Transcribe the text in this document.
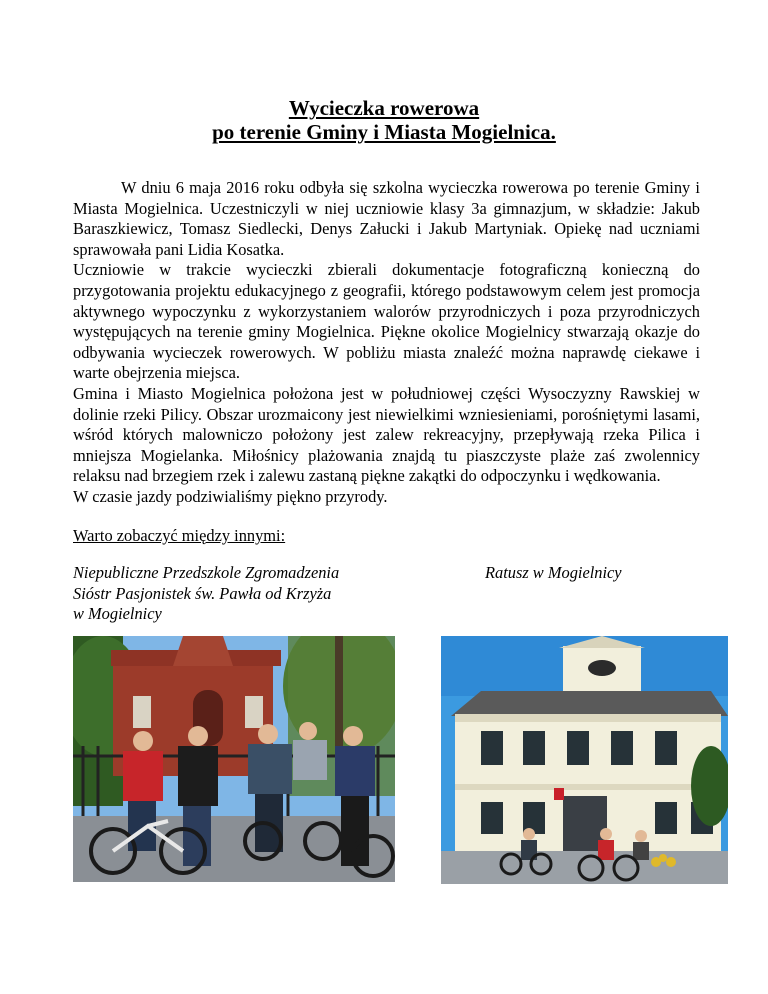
Wycieczka rowerowa
po terenie Gminy i Miasta Mogielnica.

W dniu 6 maja 2016 roku odbyła się szkolna wycieczka rowerowa po terenie Gminy i Miasta Mogielnica. Uczestniczyli w niej uczniowie klasy 3a gimnazjum, w składzie: Jakub Baraszkiewicz, Tomasz Siedlecki, Denys Załucki i Jakub Martyniak. Opiekę nad uczniami sprawowała pani Lidia Kosatka.

Uczniowie w trakcie wycieczki zbierali dokumentacje fotograficzną konieczną do przygotowania projektu edukacyjnego z geografii, którego podstawowym celem jest promocja aktywnego wypoczynku z wykorzystaniem walorów przyrodniczych i poza przyrodniczych występujących na terenie gminy Mogielnica. Piękne okolice Mogielnicy stwarzają okazje do odbywania wycieczek rowerowych. W pobliżu miasta znaleźć można naprawdę ciekawe i warte obejrzenia miejsca.

Gmina i Miasto Mogielnica położona jest w południowej części Wysoczyzny Rawskiej w dolinie rzeki Pilicy. Obszar urozmaicony jest niewielkimi wzniesieniami, porośniętymi lasami, wśród których malowniczo położony jest zalew rekreacyjny, przepływają rzeka Pilica i mniejsza Mogielanka. Miłośnicy plażowania znajdą tu piaszczyste plaże zaś zwolennicy relaksu nad brzegiem rzek i zalewu zastaną piękne zakątki do odpoczynku i wędkowania.

W czasie jazdy podziwialiśmy piękno przyrody.

Warto zobaczyć między innymi:
Niepubliczne Przedszkole Zgromadzenia
Sióstr Pasjonistek św. Pawła od Krzyża
w Mogielnicy
Ratusz w Mogielnicy
